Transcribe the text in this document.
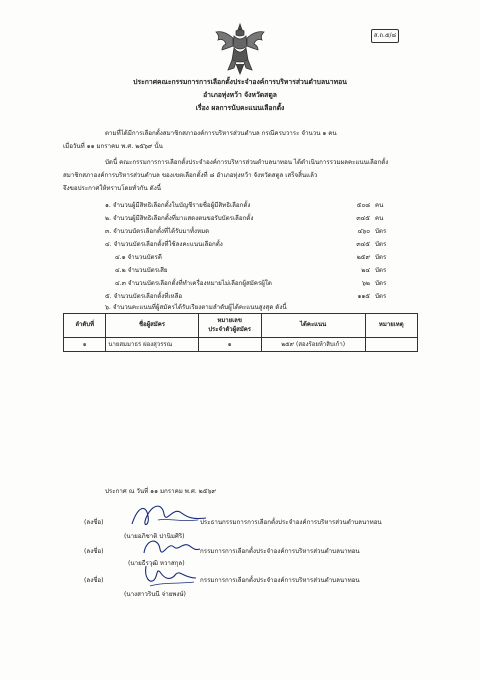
ส.ถ.๕/๘
ประกาศคณะกรรมการการเลือกตั้งประจำองค์การบริหารส่วนตำบลนาทอน
อำเภอทุ่งหว้า จังหวัดสตูล
เรื่อง ผลการนับคะแนนเลือกตั้ง
ตามที่ได้มีการเลือกตั้งสมาชิกสภาองค์การบริหารส่วนตำบล กรณีครบวาระ จำนวน ๑ คน
เมื่อวันที่ ๑๑ มกราคม พ.ศ. ๒๕๖๙ นั้น
บัดนี้ คณะกรรมการการเลือกตั้งประจำองค์การบริหารส่วนตำบลนาทอน ได้ดำเนินการรวมผลคะแนนเลือกตั้ง
สมาชิกสภาองค์การบริหารส่วนตำบล ของเขตเลือกตั้งที่ ๘ อำเภอทุ่งหว้า จังหวัดสตูล เสร็จสิ้นแล้ว
จึงขอประกาศให้ทราบโดยทั่วกัน ดังนี้
๑. จำนวนผู้มีสิทธิเลือกตั้งในบัญชีรายชื่อผู้มีสิทธิเลือกตั้ง	๕๐๘ คน
๒. จำนวนผู้มีสิทธิเลือกตั้งที่มาแสดงตนขอรับบัตรเลือกตั้ง	๓๔๕ คน
๓. จำนวนบัตรเลือกตั้งที่ได้รับมาทั้งหมด	๔๖๐ บัตร
๔. จำนวนบัตรเลือกตั้งที่ใช้ลงคะแนนเลือกตั้ง	๓๔๕ บัตร
๔.๑ จำนวนบัตรดี	๒๕๙ บัตร
๔.๒ จำนวนบัตรเสีย	๒๔ บัตร
๔.๓ จำนวนบัตรเลือกตั้งที่ทำเครื่องหมายไม่เลือกผู้สมัครผู้ใด	๖๒ บัตร
๕. จำนวนบัตรเลือกตั้งที่เหลือ	๑๑๕ บัตร
๖. จำนวนคะแนนที่ผู้สมัครได้รับเรียงตามลำดับผู้ได้คะแนนสูงสุด ดังนี้
ลำดับที่	ชื่อผู้สมัคร	หมายเลข
ประจำตัวผู้สมัคร	ได้คะแนน	หมายเหตุ
๑	นายสมมาธร ผ่องสุวรรณ	๑	๒๕๙ (สองร้อยห้าสิบเก้า)	
ประกาศ ณ วันที่ ๑๑ มกราคม พ.ศ. ๒๕๖๙
(ลงชื่อ)	ประธานกรรมการการเลือกตั้งประจำองค์การบริหารส่วนตำบลนาทอน
(นายอภิชาติ ปานิมศิริ)
(ลงชื่อ)	กรรมการการเลือกตั้งประจำองค์การบริหารส่วนตำบลนาทอน
(นายธีรวุฒิ หวาสกุล)
(ลงชื่อ)	กรรมการการเลือกตั้งประจำองค์การบริหารส่วนตำบลนาทอน
(นางสาวรินนี จ่ายพงษ์)
